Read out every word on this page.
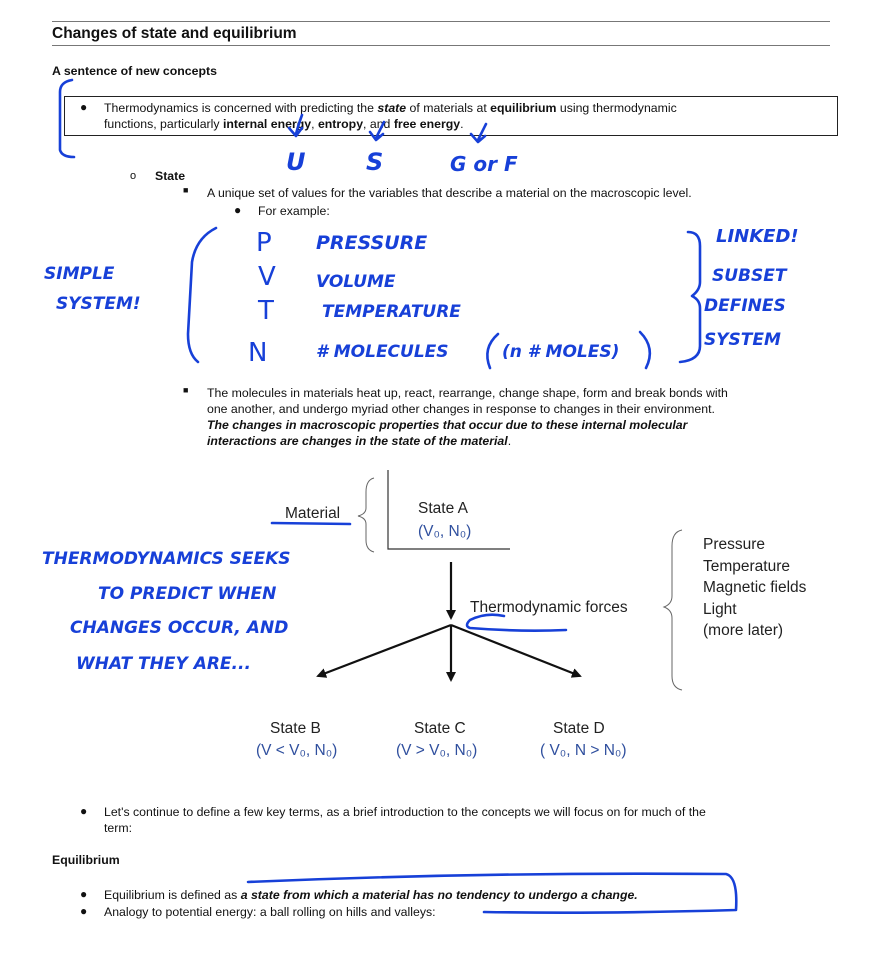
Changes of state and equilibrium
A sentence of new concepts
● Thermodynamics is concerned with predicting the state of materials at equilibrium using thermodynamic
functions, particularly internal energy, entropy, and free energy.
o State
■ A unique set of values for the variables that describe a material on the macroscopic level.
● For example:
■ The molecules in materials heat up, react, rearrange, change shape, form and break bonds with
one another, and undergo myriad other changes in response to changes in their environment.
The changes in macroscopic properties that occur due to these internal molecular
interactions are changes in the state of the material.
Material	State A
(V₀, N₀)
Thermodynamic forces
Pressure
Temperature
Magnetic fields
Light
(more later)
State B
(V < V₀, N₀)
State C
(V > V₀, N₀)
State D
( V₀, N > N₀)
● Let's continue to define a few key terms, as a brief introduction to the concepts we will focus on for much of the
term:
Equilibrium
● Equilibrium is defined as a state from which a material has no tendency to undergo a change.
● Analogy to potential energy: a ball rolling on hills and valleys:
U	S	G or F
SIMPLE
SYSTEM!
P PRESSURE
V VOLUME
T	TEMPERATURE
N	# MOLECULES	(n # MOLES)
LINKED!
SUBSET
DEFINES
SYSTEM
THERMODYNAMICS SEEKS
TO PREDICT WHEN
CHANGES OCCUR, AND
WHAT THEY ARE...
